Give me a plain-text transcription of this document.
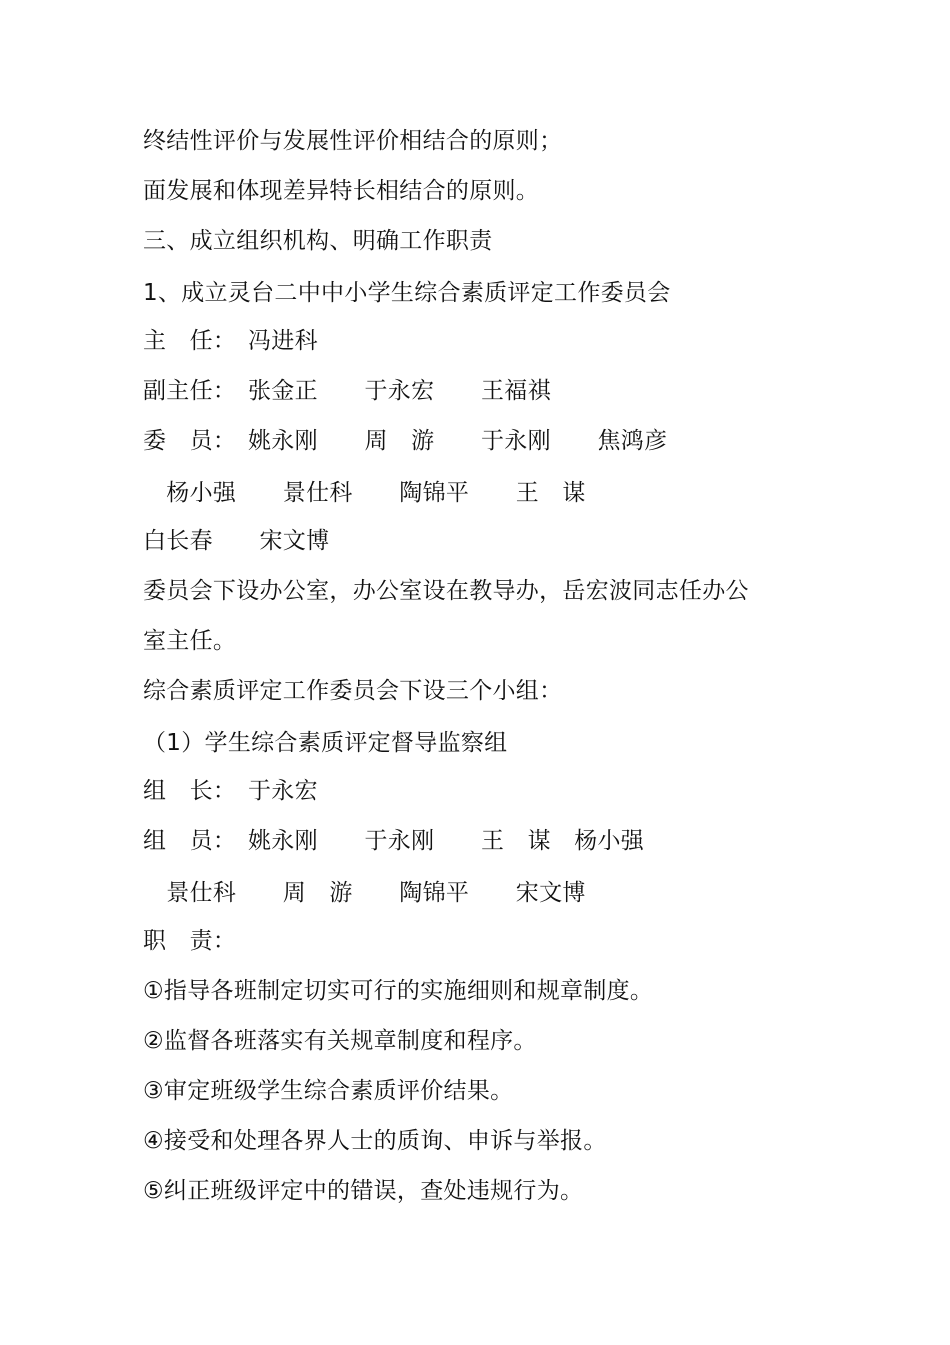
终结性评价与发展性评价相结合的原则；
面发展和体现差异特长相结合的原则。
三、成立组织机构、明确工作职责
1、成立灵台二中中小学生综合素质评定工作委员会
主　任：　冯进科
副主任：　张金正　　于永宏　　王福祺
委　员：　姚永刚　　周　游　　于永刚　　焦鸿彦
　杨小强　　景仕科　　陶锦平　　王　谋
白长春　　宋文博
委员会下设办公室，办公室设在教导办，岳宏波同志任办公
室主任。
综合素质评定工作委员会下设三个小组：
（1）学生综合素质评定督导监察组
组　长：　于永宏
组　员：　姚永刚　　于永刚　　王　谋　杨小强
　景仕科　　周　游　　陶锦平　　宋文博
职　责：
①指导各班制定切实可行的实施细则和规章制度。
②监督各班落实有关规章制度和程序。
③审定班级学生综合素质评价结果。
④接受和处理各界人士的质询、申诉与举报。
⑤纠正班级评定中的错误，查处违规行为。
